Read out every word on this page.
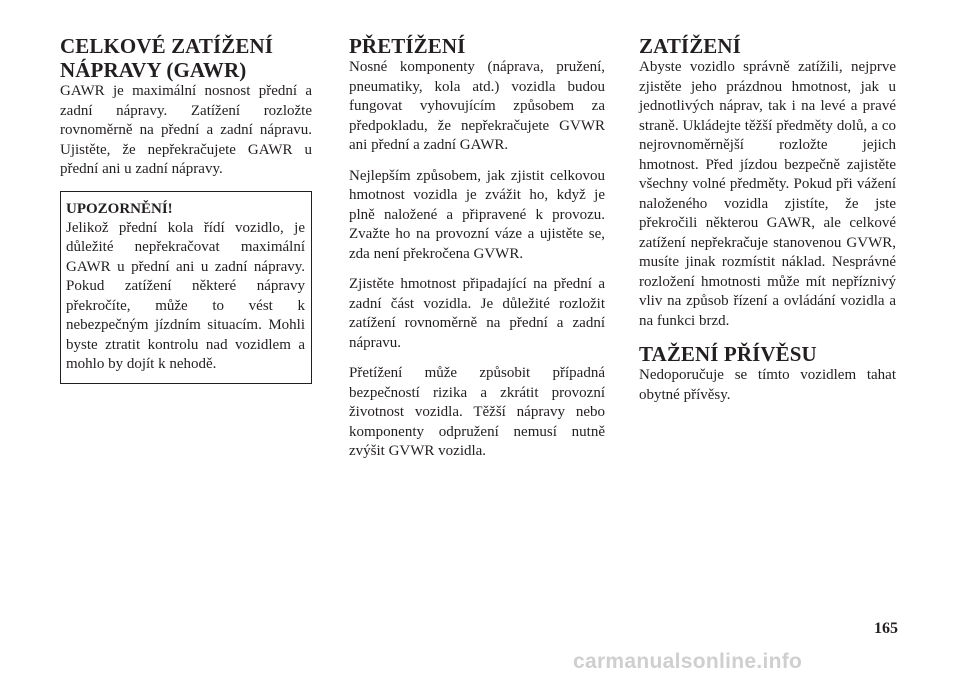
CELKOVÉ ZATÍŽENÍ NÁPRAVY (GAWR)

GAWR je maximální nosnost přední a zadní nápravy. Zatížení rozložte rovnoměrně na přední a zadní nápravu. Ujistěte, že nepřekračujete GAWR u přední ani u zadní nápravy.

UPOZORNĚNÍ!

Jelikož přední kola řídí vozidlo, je důležité nepřekračovat maximální GAWR u přední ani u zadní nápravy. Pokud zatížení některé nápravy překročíte, může to vést k nebezpečným jízdním situacím. Mohli byste ztratit kontrolu nad vozidlem a mohlo by dojít k nehodě.

PŘETÍŽENÍ

Nosné komponenty (náprava, pružení, pneumatiky, kola atd.) vozidla budou fungovat vyhovujícím způsobem za předpokladu, že nepřekračujete GVWR ani přední a zadní GAWR.

Nejlepším způsobem, jak zjistit celkovou hmotnost vozidla je zvážit ho, když je plně naložené a připravené k provozu. Zvažte ho na provozní váze a ujistěte se, zda není překročena GVWR.

Zjistěte hmotnost připadající na přední a zadní část vozidla. Je důležité rozložit zatížení rovnoměrně na přední a zadní nápravu.

Přetížení může způsobit případná bezpečností rizika a zkrátit provozní životnost vozidla. Těžší nápravy nebo komponenty odpružení nemusí nutně zvýšit GVWR vozidla.

ZATÍŽENÍ

Abyste vozidlo správně zatížili, nejprve zjistěte jeho prázdnou hmotnost, jak u jednotlivých náprav, tak i na levé a pravé straně. Ukládejte těžší předměty dolů, a co nejrovnoměrnější rozložte jejich hmotnost. Před jízdou bezpečně zajistěte všechny volné předměty. Pokud při vážení naloženého vozidla zjistíte, že jste překročili některou GAWR, ale celkové zatížení nepřekračuje stanovenou GVWR, musíte jinak rozmístit náklad. Nesprávné rozložení hmotnosti může mít nepříznivý vliv na způsob řízení a ovládání vozidla a na funkci brzd.

TAŽENÍ PŘÍVĚSU

Nedoporučuje se tímto vozidlem tahat obytné přívěsy.

165
carmanualsonline.info
